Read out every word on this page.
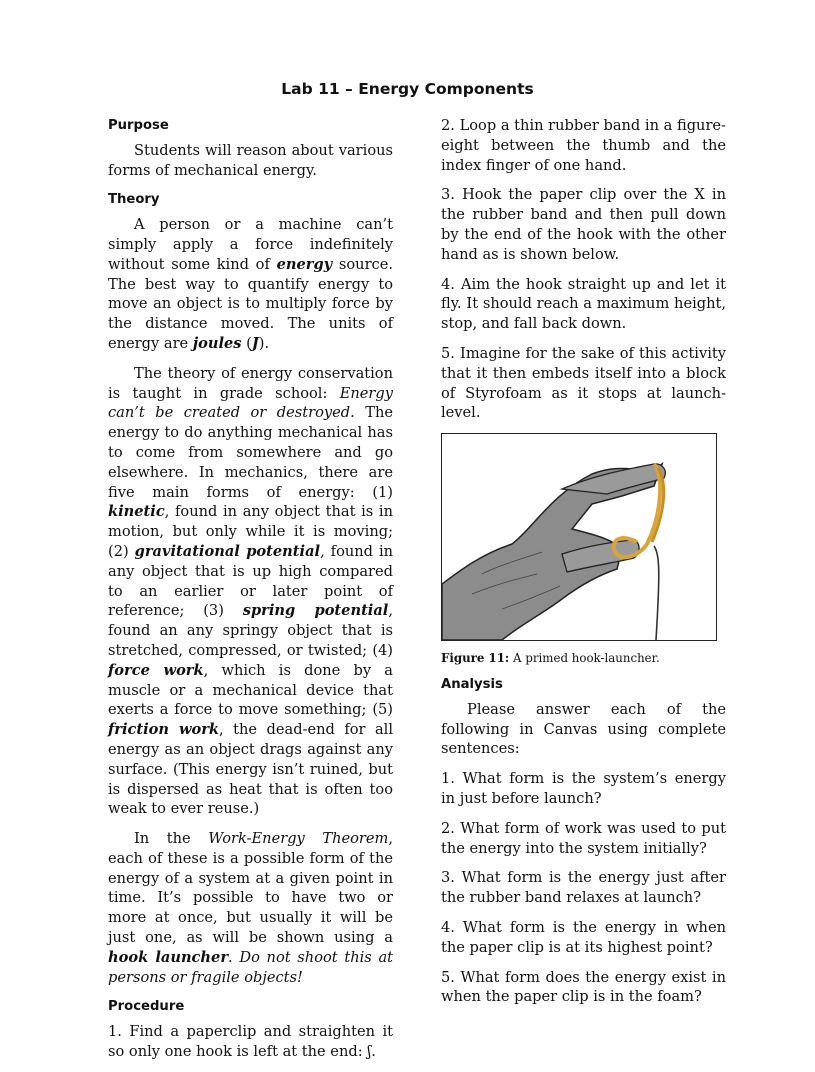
Lab 11 – Energy Components
Purpose

Students will reason about various forms of mechanical energy.

Theory

A person or a machine can’t simply apply a force indefinitely without some kind of energy source. The best way to quantify energy to move an object is to multiply force by the distance moved. The units of energy are joules (J).

The theory of energy conservation is taught in grade school: Energy can’t be created or destroyed. The energy to do anything mechanical has to come from somewhere and go elsewhere. In mechanics, there are five main forms of energy: (1) kinetic, found in any object that is in motion, but only while it is moving; (2) gravitational potential, found in any object that is up high compared to an earlier or later point of reference; (3) spring potential, found an any springy object that is stretched, compressed, or twisted; (4) force work, which is done by a muscle or a mechanical device that exerts a force to move something; (5) friction work, the dead-end for all energy as an object drags against any surface. (This energy isn’t ruined, but is dispersed as heat that is often too weak to ever reuse.)

In the Work-Energy Theorem, each of these is a possible form of the energy of a system at a given point in time. It’s possible to have two or more at once, but usually it will be just one, as will be shown using a hook launcher. Do not shoot this at persons or fragile objects!

Procedure

1. Find a paperclip and straighten it so only one hook is left at the end: ʃ.

2. Loop a thin rubber band in a figure-eight between the thumb and the index finger of one hand.

3. Hook the paper clip over the X in the rubber band and then pull down by the end of the hook with the other hand as is shown below.

4. Aim the hook straight up and let it fly. It should reach a maximum height, stop, and fall back down.

5. Imagine for the sake of this activity that it then embeds itself into a block of Styrofoam as it stops at launch-level.

Figure 11: A primed hook-launcher.
Analysis

Please answer each of the following in Canvas using complete sentences:

1. What form is the system’s energy in just before launch?

2. What form of work was used to put the energy into the system initially?

3. What form is the energy just after the rubber band relaxes at launch?

4. What form is the energy in when the paper clip is at its highest point?

5. What form does the energy exist in when the paper clip is in the foam?
